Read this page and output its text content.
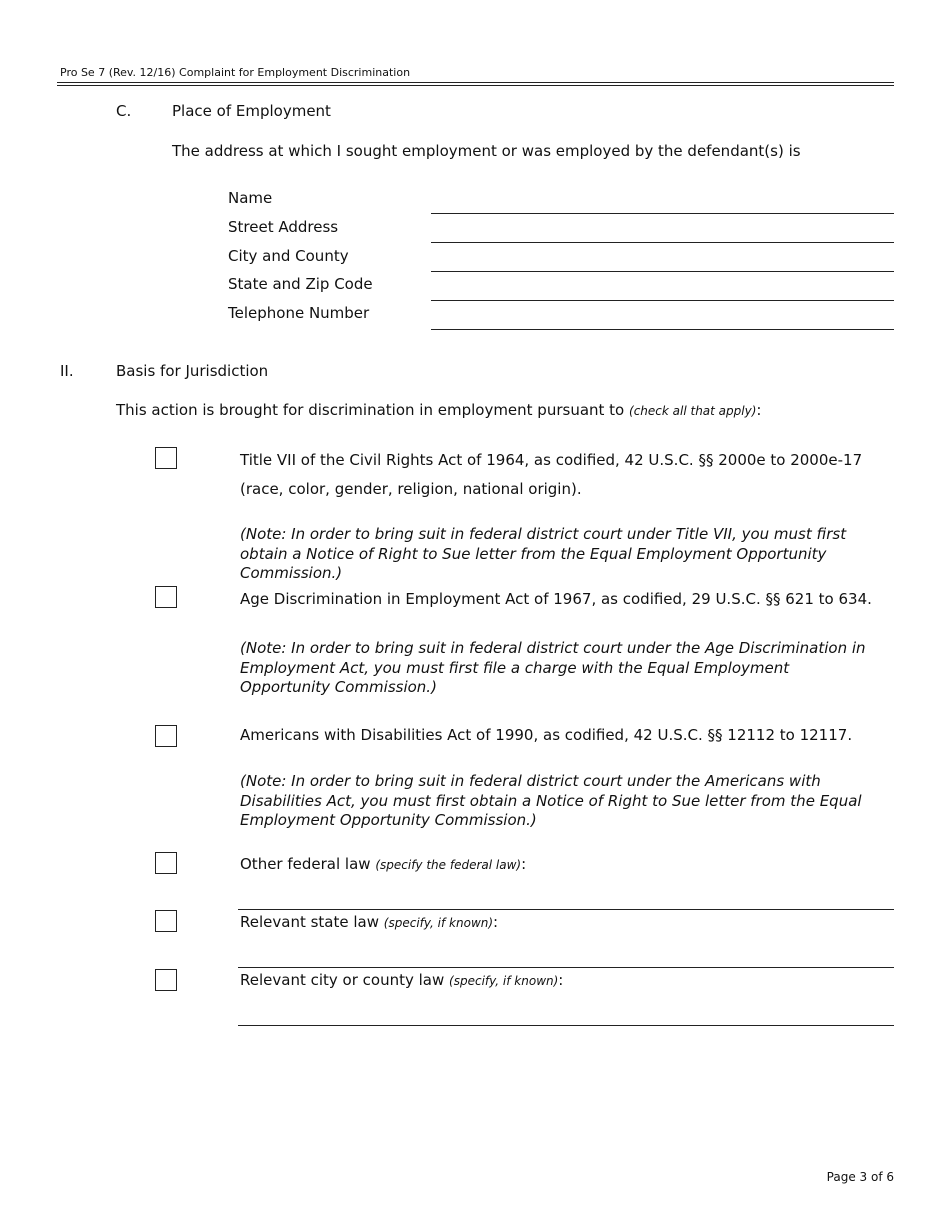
Pro Se 7 (Rev. 12/16) Complaint for Employment Discrimination
C.	Place of Employment
The address at which I sought employment or was employed by the defendant(s) is
Name
Street Address
City and County
State and Zip Code
Telephone Number
II.	Basis for Jurisdiction
This action is brought for discrimination in employment pursuant to (check all that apply):
Title VII of the Civil Rights Act of 1964, as codified, 42 U.S.C. §§ 2000e to 2000e-17 (race, color, gender, religion, national origin).
(Note: In order to bring suit in federal district court under Title VII, you must first obtain a Notice of Right to Sue letter from the Equal Employment Opportunity Commission.)
Age Discrimination in Employment Act of 1967, as codified, 29 U.S.C. §§ 621 to 634.
(Note: In order to bring suit in federal district court under the Age Discrimination in Employment Act, you must first file a charge with the Equal Employment Opportunity Commission.)
Americans with Disabilities Act of 1990, as codified, 42 U.S.C. §§ 12112 to 12117.
(Note: In order to bring suit in federal district court under the Americans with Disabilities Act, you must first obtain a Notice of Right to Sue letter from the Equal Employment Opportunity Commission.)
Other federal law (specify the federal law):
Relevant state law (specify, if known):
Relevant city or county law (specify, if known):
Page 3 of 6
